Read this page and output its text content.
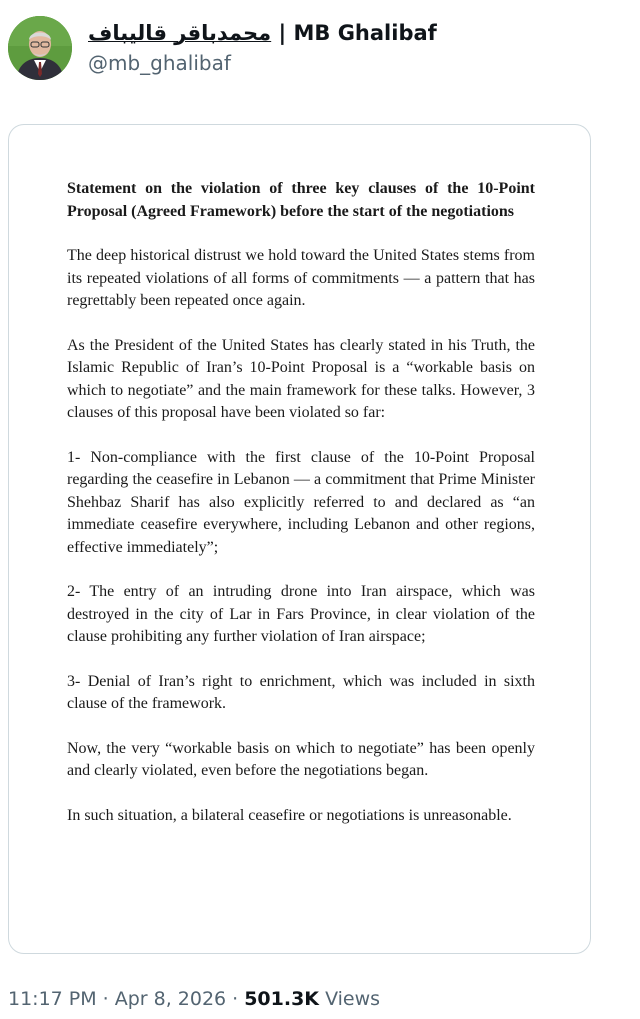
محمدباقر قالیباف | MB Ghalibaf
@mb_ghalibaf
Statement on the violation of three key clauses of the 10-Point Proposal (Agreed Framework) before the start of the negotiations

The deep historical distrust we hold toward the United States stems from its repeated violations of all forms of commitments — a pattern that has regrettably been repeated once again.

As the President of the United States has clearly stated in his Truth, the Islamic Republic of Iran’s 10-Point Proposal is a “workable basis on which to negotiate” and the main framework for these talks. However, 3 clauses of this proposal have been violated so far:

1- Non-compliance with the first clause of the 10-Point Proposal regarding the ceasefire in Lebanon — a commitment that Prime Minister Shehbaz Sharif has also explicitly referred to and declared as “an immediate ceasefire everywhere, including Lebanon and other regions, effective immediately”;

2- The entry of an intruding drone into Iran airspace, which was destroyed in the city of Lar in Fars Province, in clear violation of the clause prohibiting any further violation of Iran airspace;

3- Denial of Iran’s right to enrichment, which was included in sixth clause of the framework.

Now, the very “workable basis on which to negotiate” has been openly and clearly violated, even before the negotiations began.

In such situation, a bilateral ceasefire or negotiations is unreasonable.

11:17 PM · Apr 8, 2026 · 501.3K Views
